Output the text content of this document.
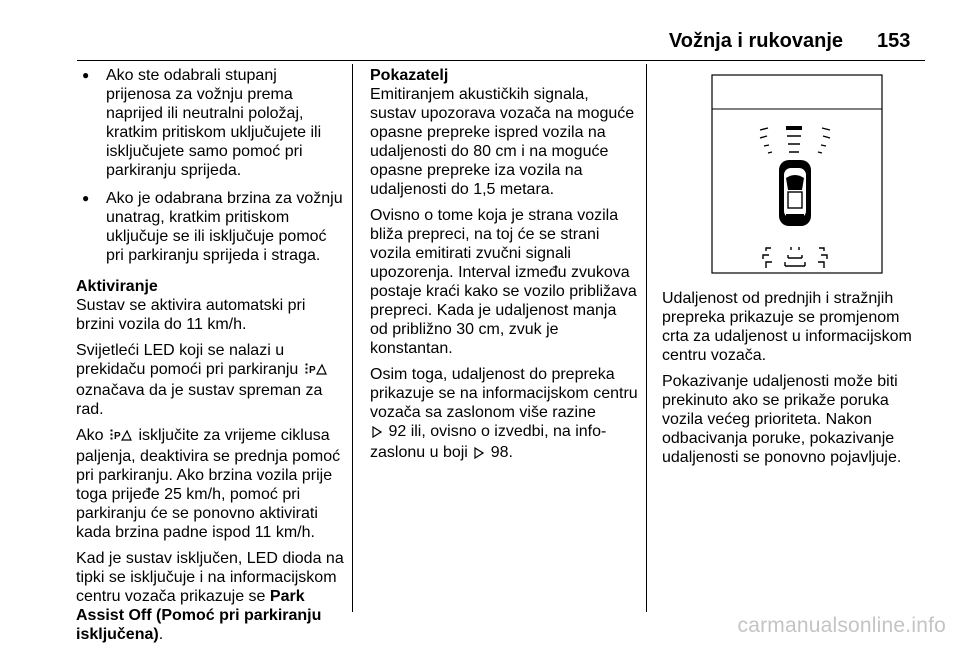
Vožnja i rukovanje 153
● Ako ste odabrali stupanj prijenosa za vožnju prema naprijed ili neutralni položaj, kratkim pritiskom uključujete ili isključujete samo pomoć pri parkiranju sprijeda.
● Ako je odabrana brzina za vožnju unatrag, kratkim pritiskom uključuje se ili isključuje pomoć pri parkiranju sprijeda i straga.

Aktiviranje

Sustav se aktivira automatski pri brzini vozila do 11 km/h.

Svijetleći LED koji se nalazi u prekidaču pomoći pri parkiranju P
označava da je sustav spreman za rad.

Ako P isključite za vrijeme ciklusa paljenja, deaktivira se prednja pomoć pri parkiranju. Ako brzina vozila prije toga prijeđe 25 km/h, pomoć pri parkiranju će se ponovno aktivirati kada brzina padne ispod 11 km/h.

Kad je sustav isključen, LED dioda na tipki se isključuje i na informacijskom centru vozača prikazuje se Park Assist Off (Pomoć pri parkiranju isključena).

Pokazatelj

Emitiranjem akustičkih signala, sustav upozorava vozača na moguće opasne prepreke ispred vozila na udaljenosti do 80 cm i na moguće opasne prepreke iza vozila na udaljenosti do 1,5 metara.

Ovisno o tome koja je strana vozila bliža prepreci, na toj će se strani vozila emitirati zvučni signali upozorenja. Interval između zvukova postaje kraći kako se vozilo približava prepreci. Kada je udaljenost manja od približno 30 cm, zvuk je konstantan.

Osim toga, udaljenost do prepreka prikazuje se na informacijskom centru vozača sa zaslonom više razine
92 ili, ovisno o izvedbi, na info-zaslonu u boji 98.

Udaljenost od prednjih i stražnjih prepreka prikazuje se promjenom crta za udaljenost u informacijskom centru vozača.

Pokazivanje udaljenosti može biti prekinuto ako se prikaže poruka vozila većeg prioriteta. Nakon odbacivanja poruke, pokazivanje udaljenosti se ponovno pojavljuje.

carmanualsonline.info
